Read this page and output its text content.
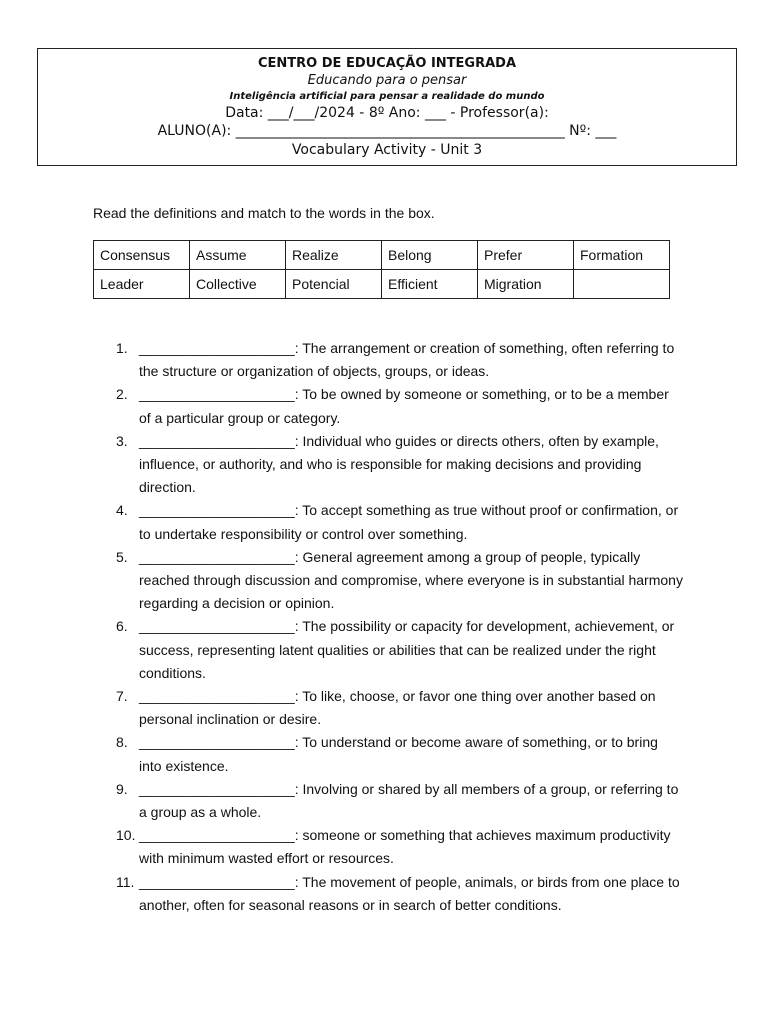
CENTRO DE EDUCAÇÃO INTEGRADA
Educando para o pensar
Inteligência artificial para pensar a realidade do mundo
Data: ___/___/2024 - 8º Ano: ___ - Professor(a):
ALUNO(A): _______________________________________________ Nº: ___
Vocabulary Activity - Unit 3
Read the definitions and match to the words in the box.
Consensus	Assume	Realize	Belong	Prefer	Formation
Leader	Collective	Potencial	Efficient	Migration	
1. ____________________: The arrangement or creation of something, often referring to the structure or organization of objects, groups, or ideas.
2. ____________________: To be owned by someone or something, or to be a member of a particular group or category.
3. ____________________: Individual who guides or directs others, often by example, influence, or authority, and who is responsible for making decisions and providing direction.
4. ____________________: To accept something as true without proof or confirmation, or to undertake responsibility or control over something.
5. ____________________: General agreement among a group of people, typically reached through discussion and compromise, where everyone is in substantial harmony regarding a decision or opinion.
6. ____________________: The possibility or capacity for development, achievement, or success, representing latent qualities or abilities that can be realized under the right conditions.
7. ____________________: To like, choose, or favor one thing over another based on personal inclination or desire.
8. ____________________: To understand or become aware of something, or to bring into existence.
9. ____________________: Involving or shared by all members of a group, or referring to a group as a whole.
10. ____________________: someone or something that achieves maximum productivity with minimum wasted effort or resources.
11. ____________________: The movement of people, animals, or birds from one place to another, often for seasonal reasons or in search of better conditions.
